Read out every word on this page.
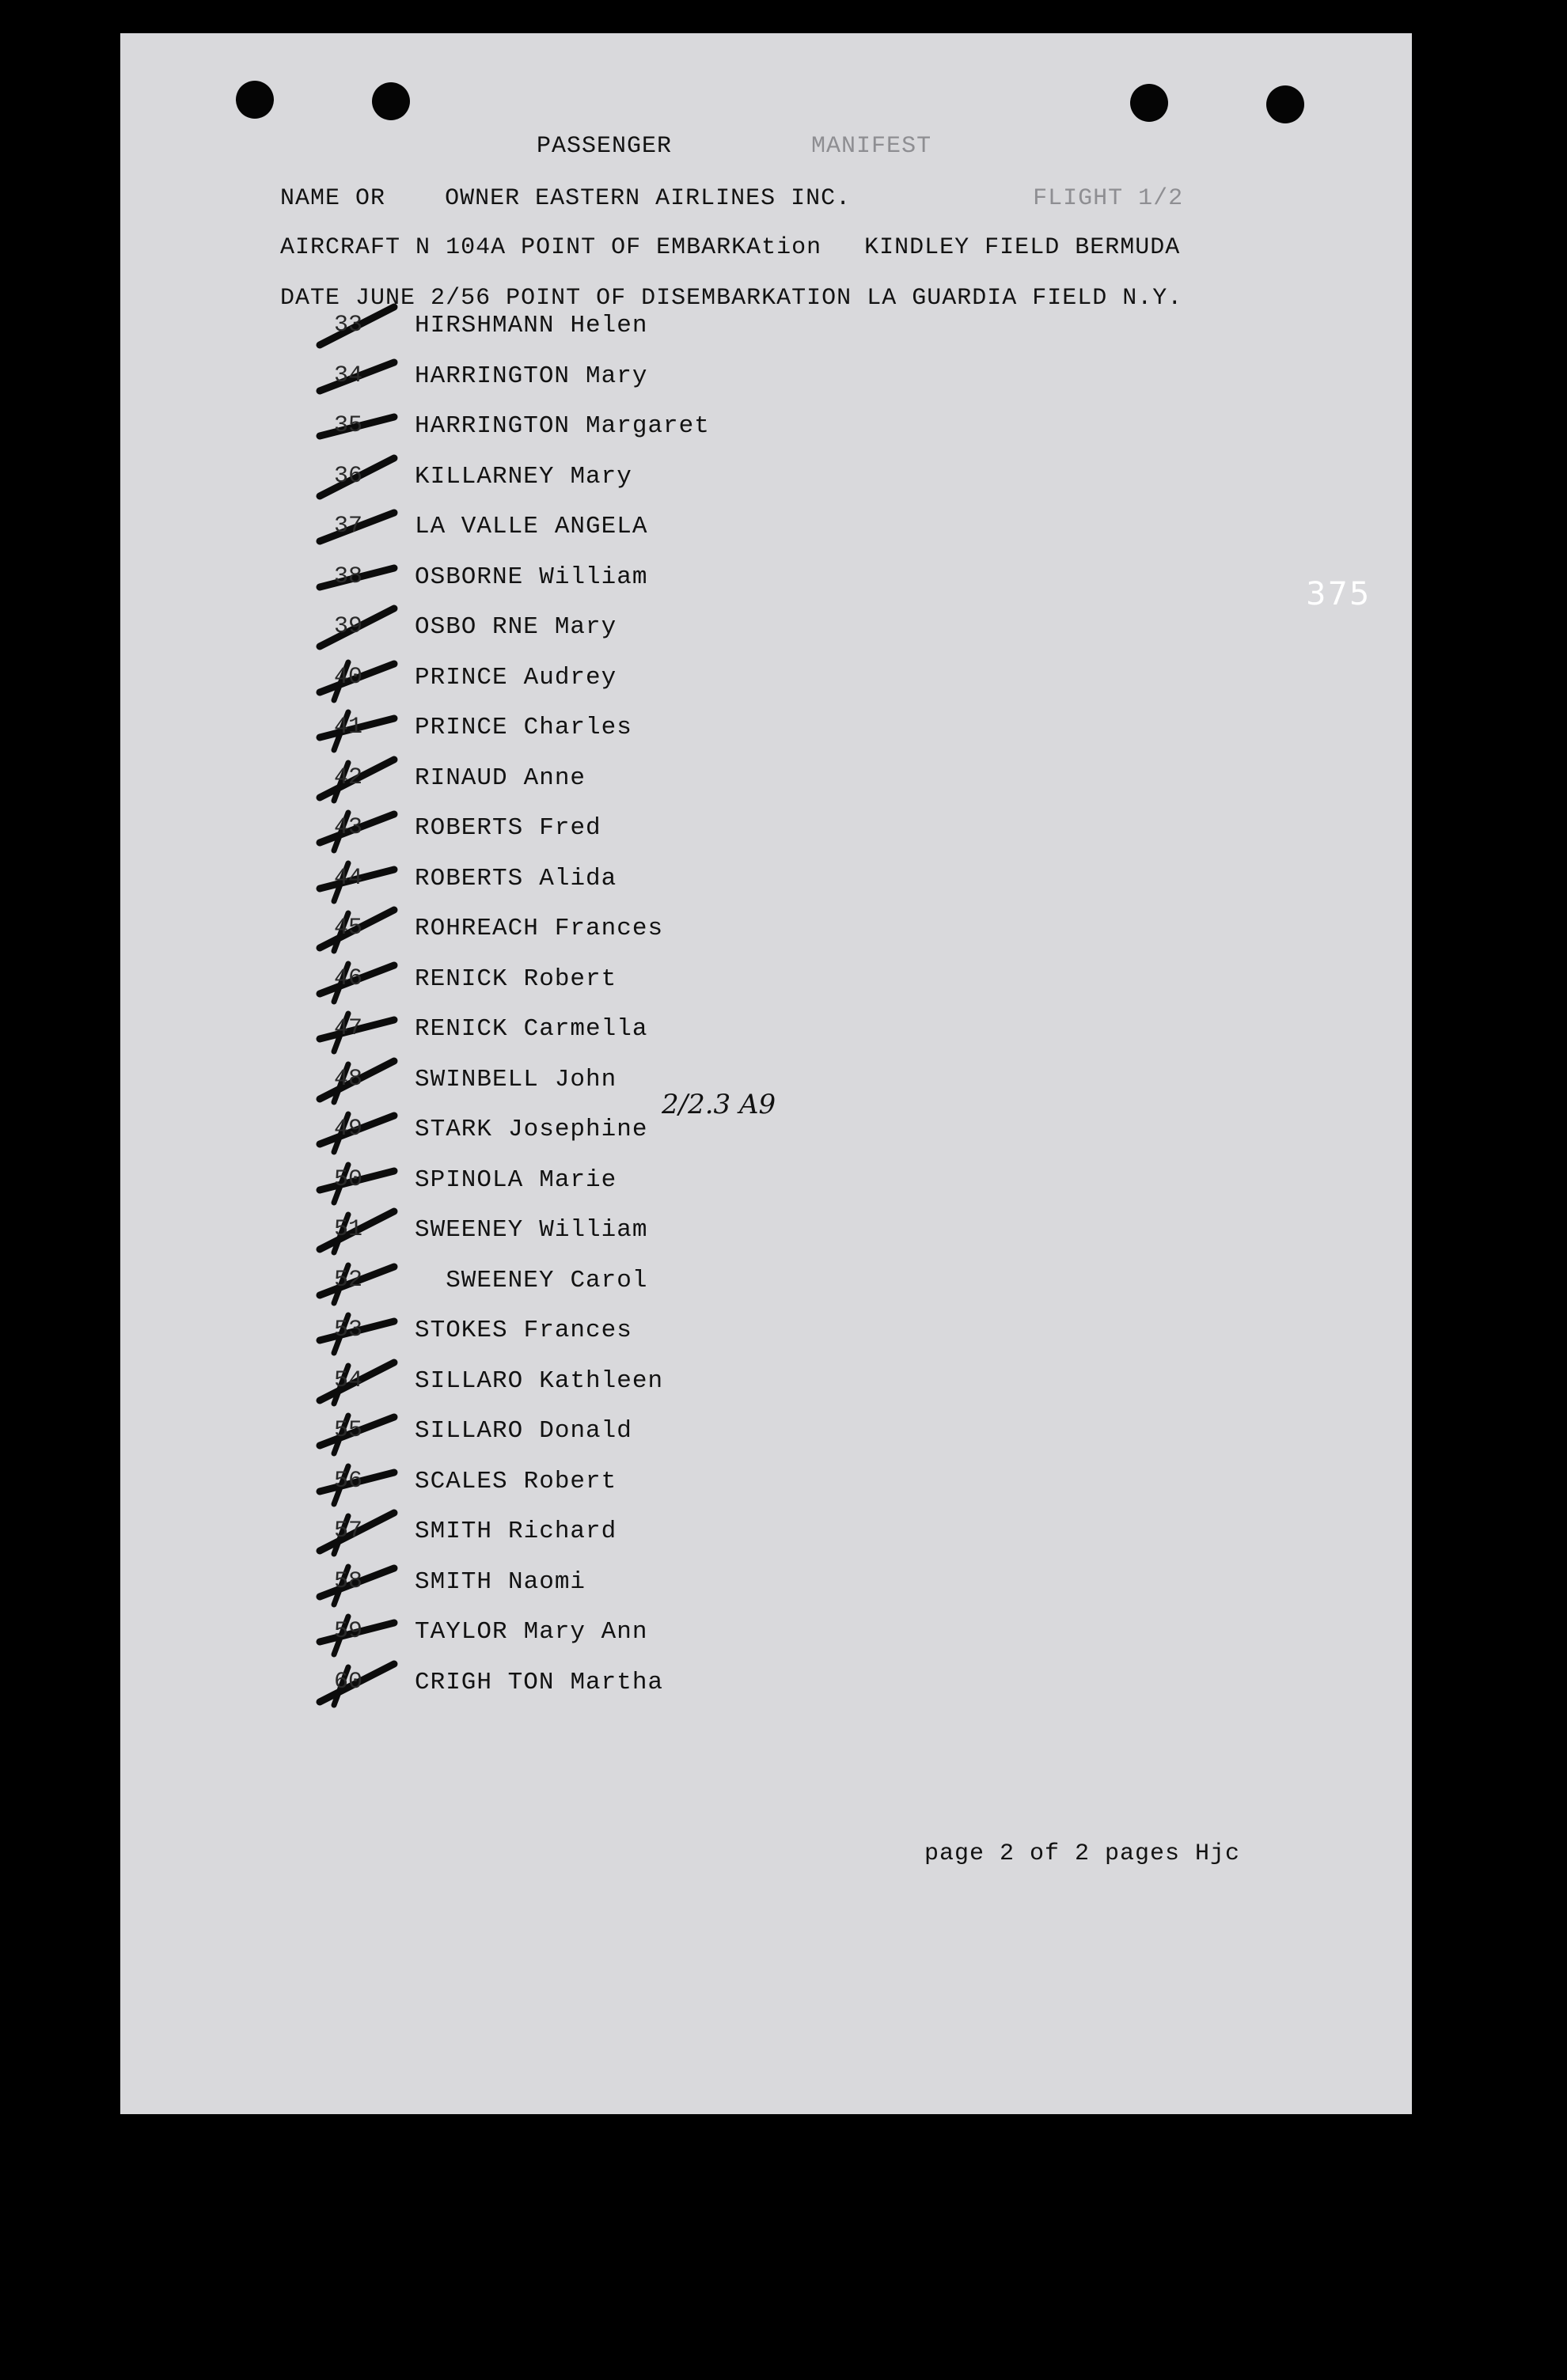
PASSENGER	MANIFEST

NAME OR	OWNER EASTERN AIRLINES INC.	FLIGHT 1/2

AIRCRAFT N 104A POINT OF EMBARKAtion KINDLEY FIELD BERMUDA

DATE JUNE 2/56 POINT OF DISEMBARKATION LA GUARDIA FIELD N.Y.

33 HIRSHMANN Helen
34 HARRINGTON Mary
35 HARRINGTON Margaret
36 KILLARNEY Mary
37 LA VALLE ANGELA
38 OSBORNE William
39 OSBO RNE Mary
40 PRINCE Audrey
41 PRINCE Charles
42 RINAUD Anne
43 ROBERTS Fred
44 ROBERTS Alida
45 ROHREACH Frances
46 RENICK Robert
47 RENICK Carmella
48 SWINBELL John
49 STARK Josephine
50 SPINOLA Marie
51 SWEENEY William
52 SWEENEY Carol
53 STOKES Frances
54 SILLARO Kathleen
55 SILLARO Donald
56 SCALES Robert
57 SMITH Richard
58 SMITH Naomi
59 TAYLOR Mary Ann
60 CRIGH TON Martha
2/2.3 A9
page 2 of 2 pages Hjc
375
